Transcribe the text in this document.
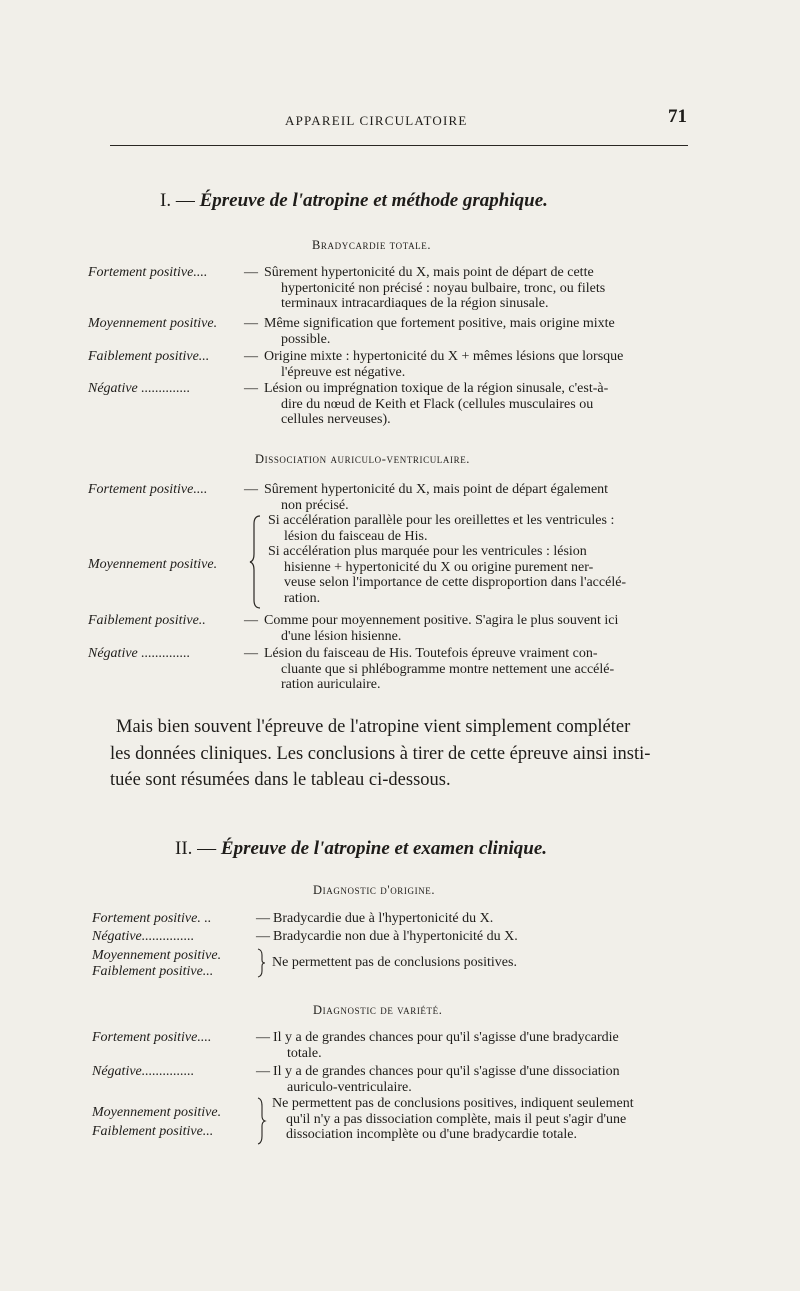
APPAREIL CIRCULATOIRE	71
I. — Épreuve de l'atropine et méthode graphique.
Bradycardie totale.
Fortement positive....	— Sûrement hypertonicité du X, mais point de départ de cette
hypertonicité non précisé : noyau bulbaire, tronc, ou filets
terminaux intracardiaques de la région sinusale.
Moyennement positive. — Même signification que fortement positive, mais origine mixte
possible.
Faiblement positive... — Origine mixte : hypertonicité du X + mêmes lésions que lorsque
l'épreuve est négative.
Négative ..............	— Lésion ou imprégnation toxique de la région sinusale, c'est-à-
dire du nœud de Keith et Flack (cellules musculaires ou
cellules nerveuses).
Dissociation auriculo-ventriculaire.
Fortement positive....	— Sûrement hypertonicité du X, mais point de départ également
non précisé.
Moyennement positive.
Si accélération parallèle pour les oreillettes et les ventricules :
lésion du faisceau de His.
Si accélération plus marquée pour les ventricules : lésion
hisienne + hypertonicité du X ou origine purement ner-
veuse selon l'importance de cette disproportion dans l'accélé-
ration.
Faiblement positive..	— Comme pour moyennement positive. S'agira le plus souvent ici
d'une lésion hisienne.
Négative ..............	— Lésion du faisceau de His. Toutefois épreuve vraiment con-
cluante que si phlébogramme montre nettement une accélé-
ration auriculaire.
Mais bien souvent l'épreuve de l'atropine vient simplement compléter
les données cliniques. Les conclusions à tirer de cette épreuve ainsi insti-
tuée sont résumées dans le tableau ci-dessous.
II. — Épreuve de l'atropine et examen clinique.
Diagnostic d'origine.
Fortement positive. ..	— Bradycardie due à l'hypertonicité du X.
Négative...............	— Bradycardie non due à l'hypertonicité du X.
Moyennement positive.
Faiblement positive...
Ne permettent pas de conclusions positives.
Diagnostic de variété.
Fortement positive....	— Il y a de grandes chances pour qu'il s'agisse d'une bradycardie
totale.
Négative...............	— Il y a de grandes chances pour qu'il s'agisse d'une dissociation
auriculo-ventriculaire.
Moyennement positive.
Faiblement positive...
Ne permettent pas de conclusions positives, indiquent seulement
qu'il n'y a pas dissociation complète, mais il peut s'agir d'une
dissociation incomplète ou d'une bradycardie totale.
